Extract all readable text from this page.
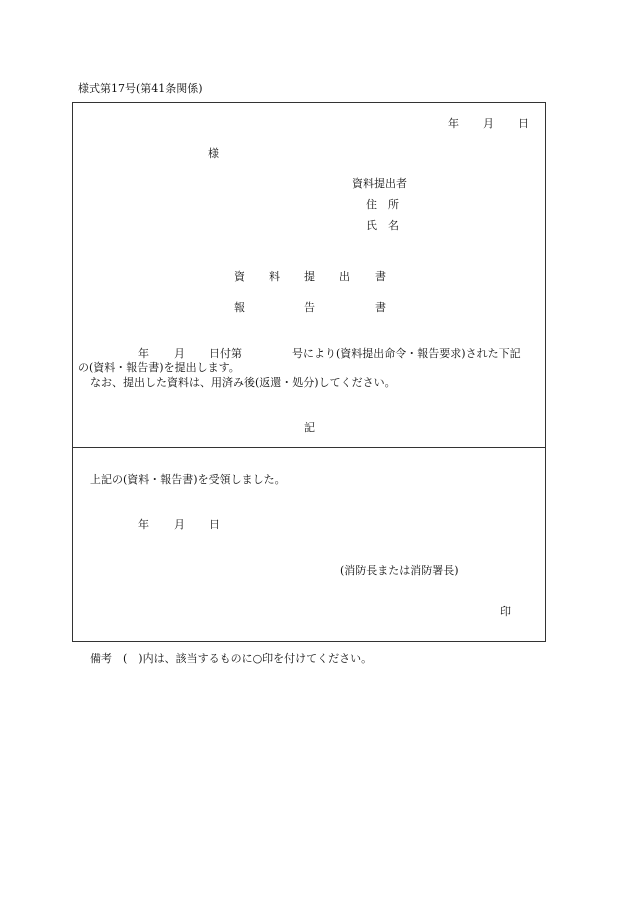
様式第17号(第41条関係)
年 月 日
様
資料提出者
住　所
氏　名
資 料 提 出 書
報	告	書
年 月 日付第	号により(資料提出命令・報告要求)された下記
の(資料・報告書)を提出します。
なお、提出した資料は、用済み後(返還・処分)してください。
記
上記の(資料・報告書)を受領しました。
年 月 日
(消防長または消防署長)
印
備考　(　)内は、該当するものに○印を付けてください。
